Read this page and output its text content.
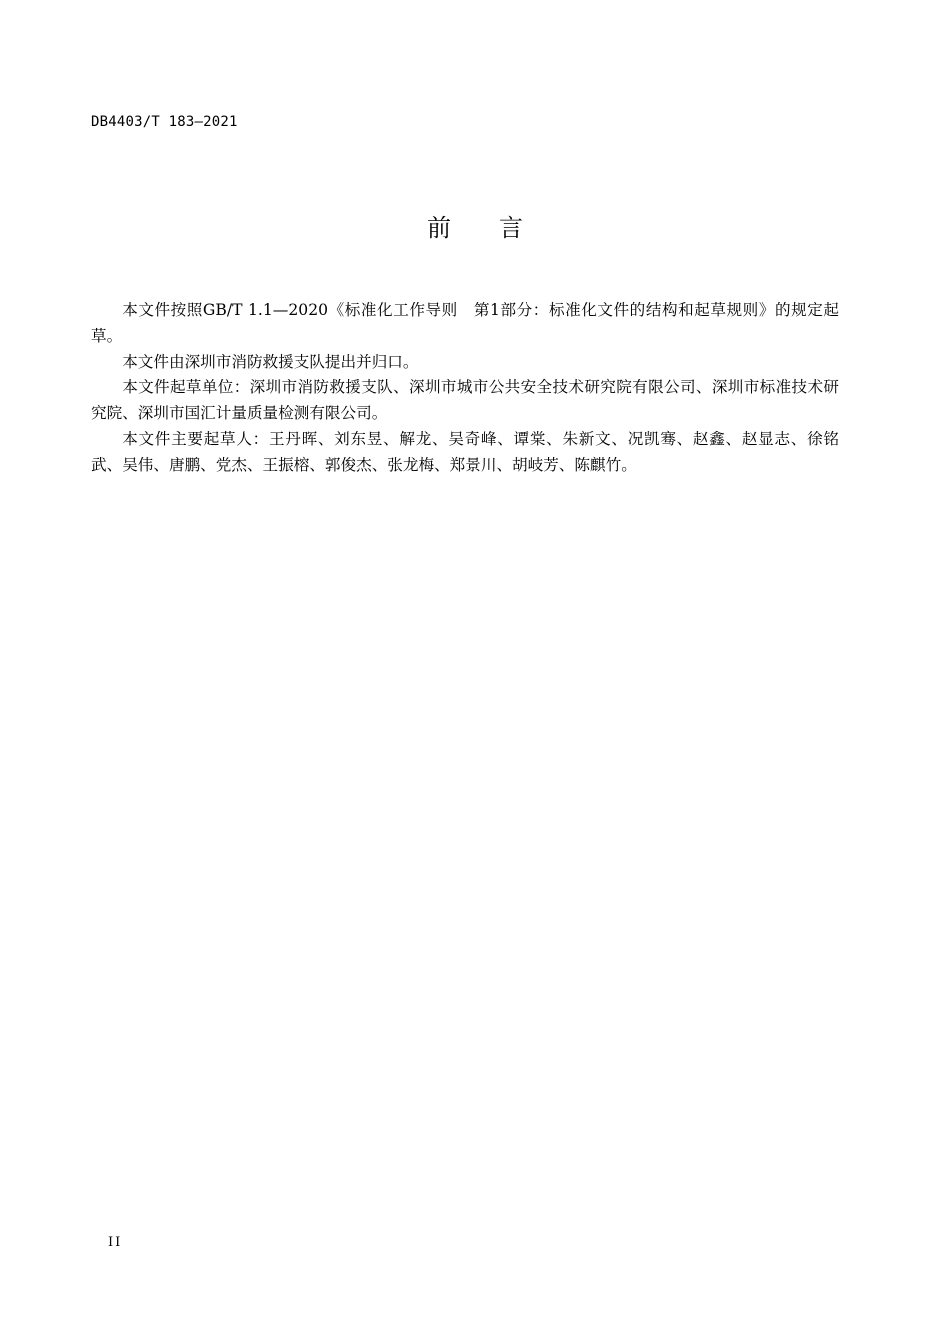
DB4403/T 183—2021
前言

本文件按照GB/T 1.1—2020《标准化工作导则　第1部分：标准化文件的结构和起草规则》的规定起草。

本文件由深圳市消防救援支队提出并归口。

本文件起草单位：深圳市消防救援支队、深圳市城市公共安全技术研究院有限公司、深圳市标准技术研究院、深圳市国汇计量质量检测有限公司。

本文件主要起草人：王丹晖、刘东昱、解龙、吴奇峰、谭棠、朱新文、况凯骞、赵鑫、赵显志、徐铭武、吴伟、唐鹏、党杰、王振榕、郭俊杰、张龙梅、郑景川、胡岐芳、陈麒竹。

II
